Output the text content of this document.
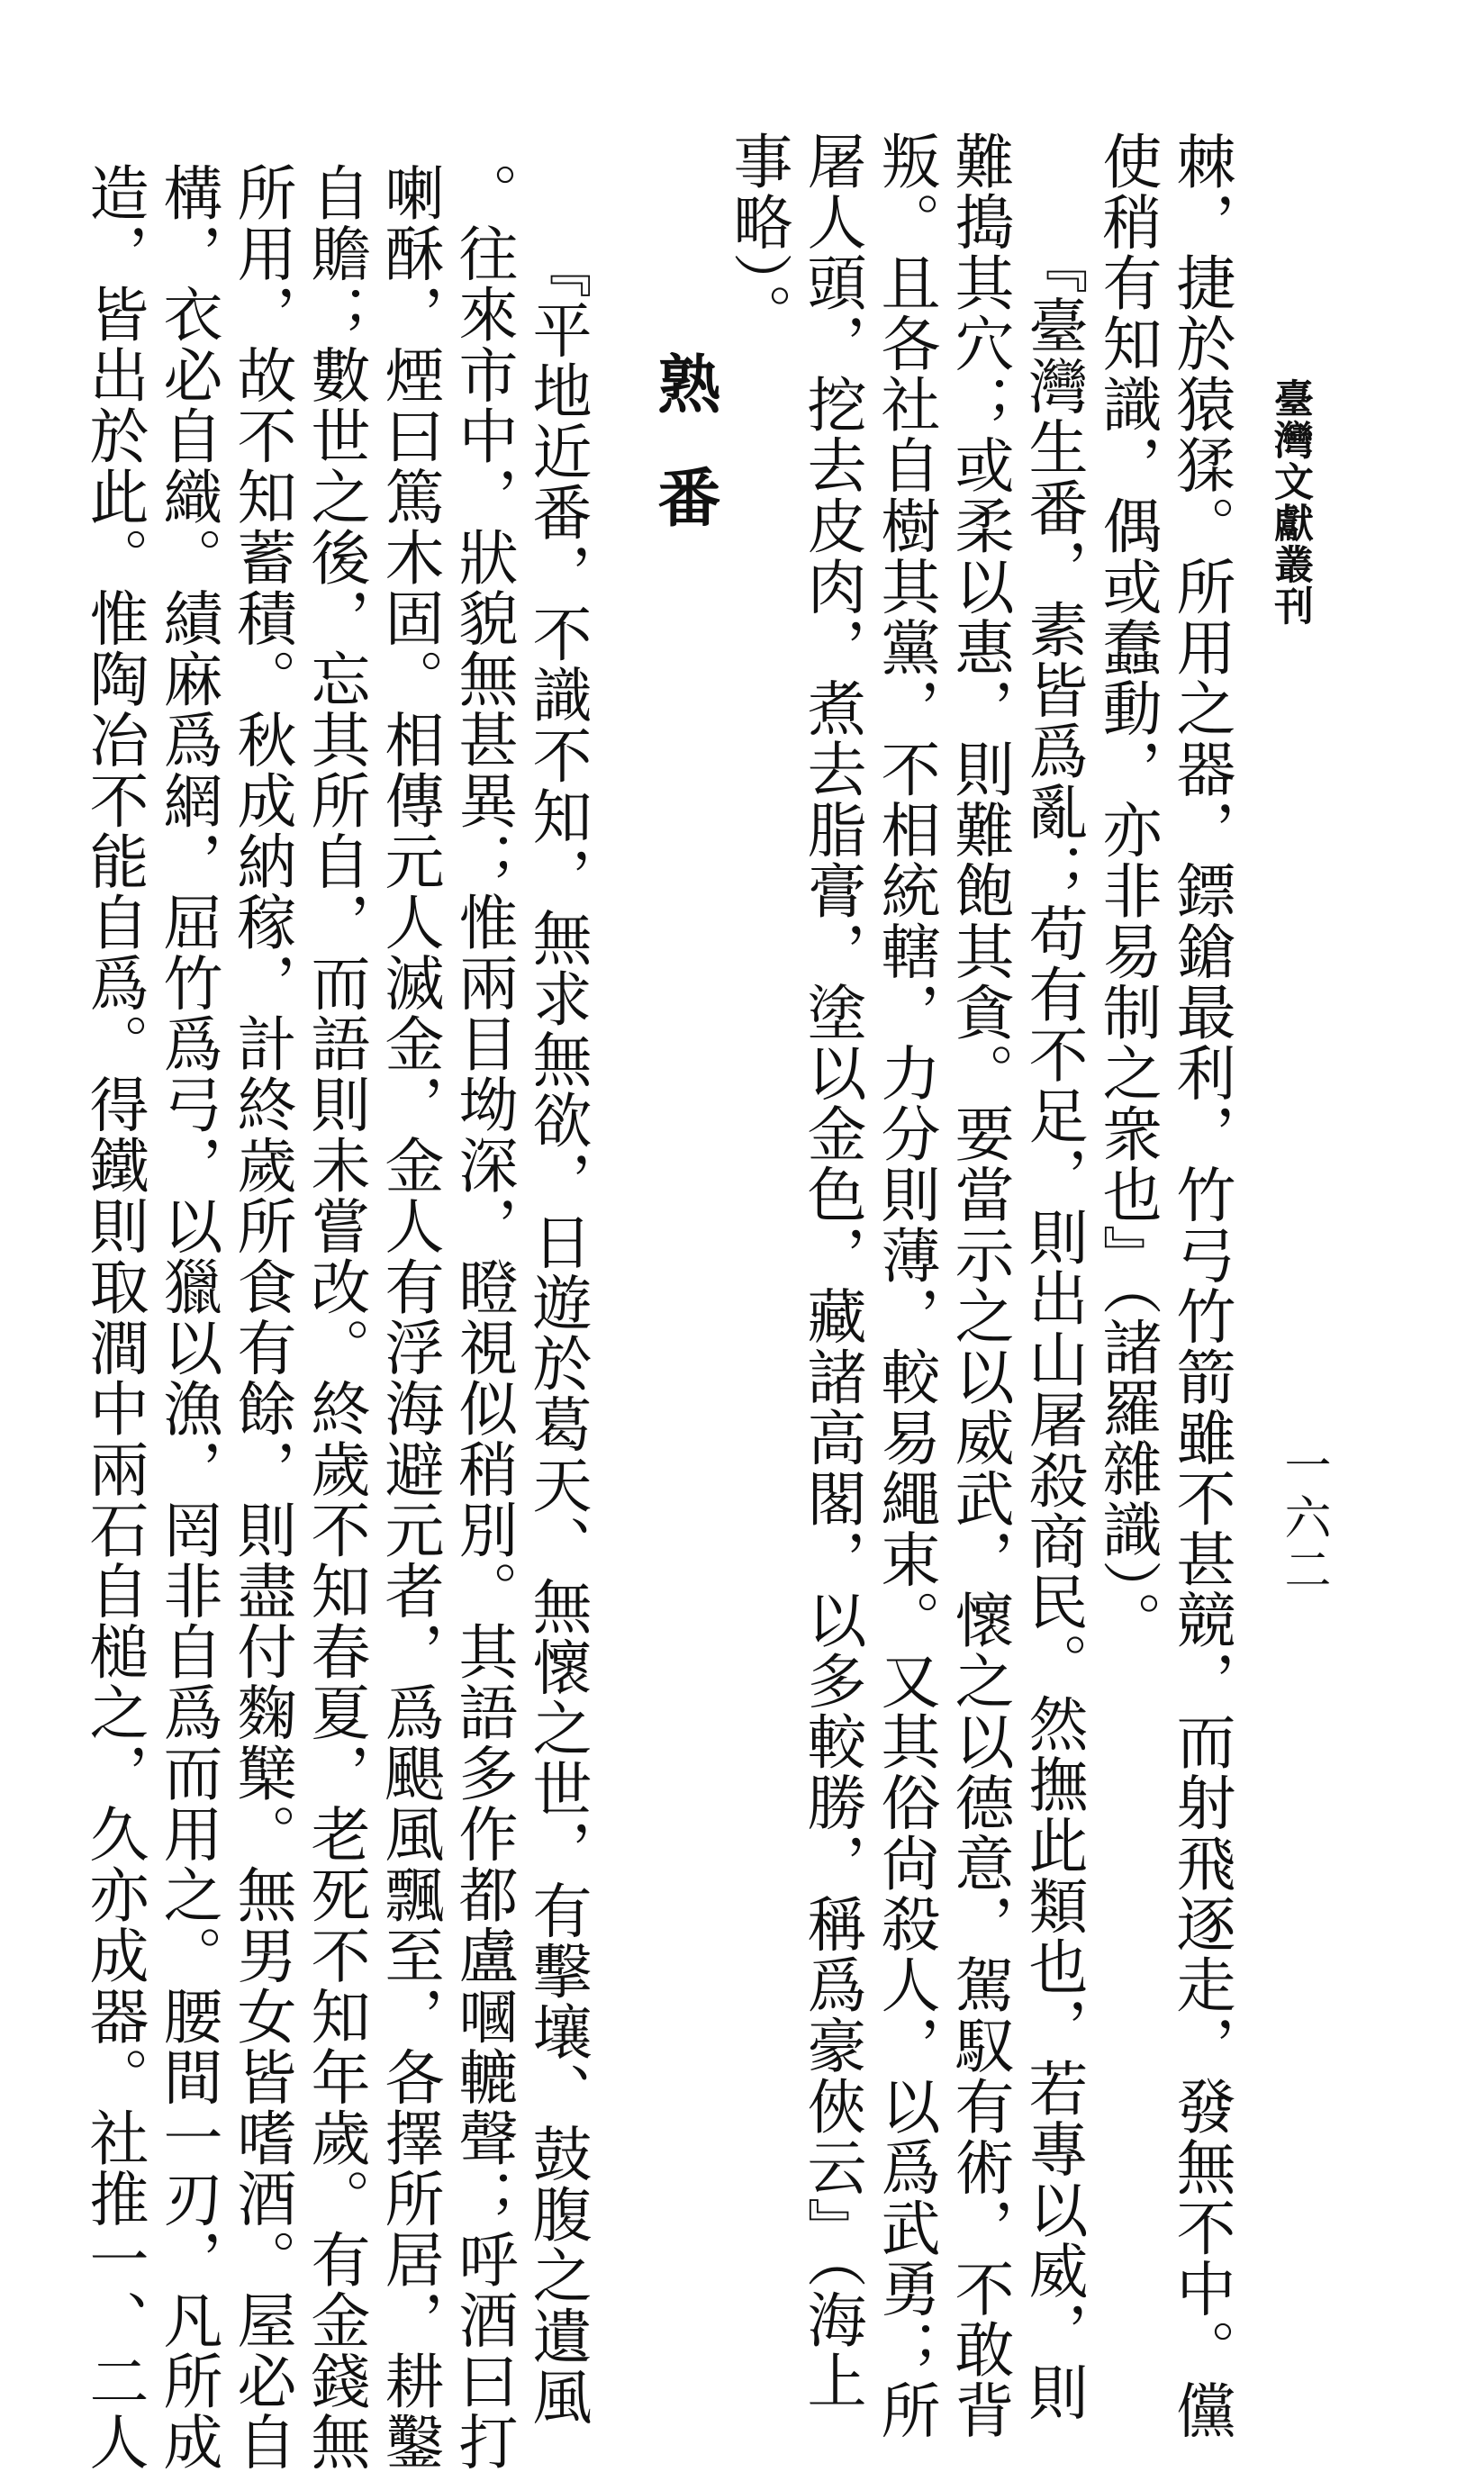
臺灣文獻叢刊
一六二
熟番	棘，捷於猿猱。所用之器，鏢鎗最利，竹弓竹箭雖不甚競，而射飛逐走，發無不中。儻
使稍有知識，偶或蠢動，亦非易制之衆也』（諸羅雜識）。
『臺灣生番，素皆爲亂；苟有不足，則出山屠殺商民。然撫此類也，若專以威，則
難搗其穴；或柔以惠，則難飽其貪。要當示之以威武，懷之以德意，駕馭有術，不敢背
叛。且各社自樹其黨，不相統轄，力分則薄，較易繩束。又其俗尙殺人，以爲武勇；所
屠人頭，挖去皮肉，煮去脂膏，塗以金色，藏諸高閣，以多較勝，稱爲豪俠云』（海上
事略）。
『平地近番，不識不知，無求無欲，日遊於葛天、無懷之世，有擊壤、鼓腹之遺風
。往來市中，狀貌無甚異；惟兩目坳深，瞪視似稍別。其語多作都盧嘓轆聲；呼酒曰打
喇酥，煙曰篤木固。相傳元人滅金，金人有浮海避元者，爲颶風飄至，各擇所居，耕鑿
自贍；數世之後，忘其所自，而語則未嘗改。終歲不知春夏，老死不知年歲。有金錢無
所用，故不知蓄積。秋成納稼，計終歲所食有餘，則盡付麴櫱。無男女皆嗜酒。屋必自
構，衣必自織。績麻爲網，屈竹爲弓，以獵以漁，罔非自爲而用之。腰間一刃，凡所成
造，皆出於此。惟陶冶不能自爲。得鐵則取澗中兩石自槌之，久亦成器。社推一、二人
